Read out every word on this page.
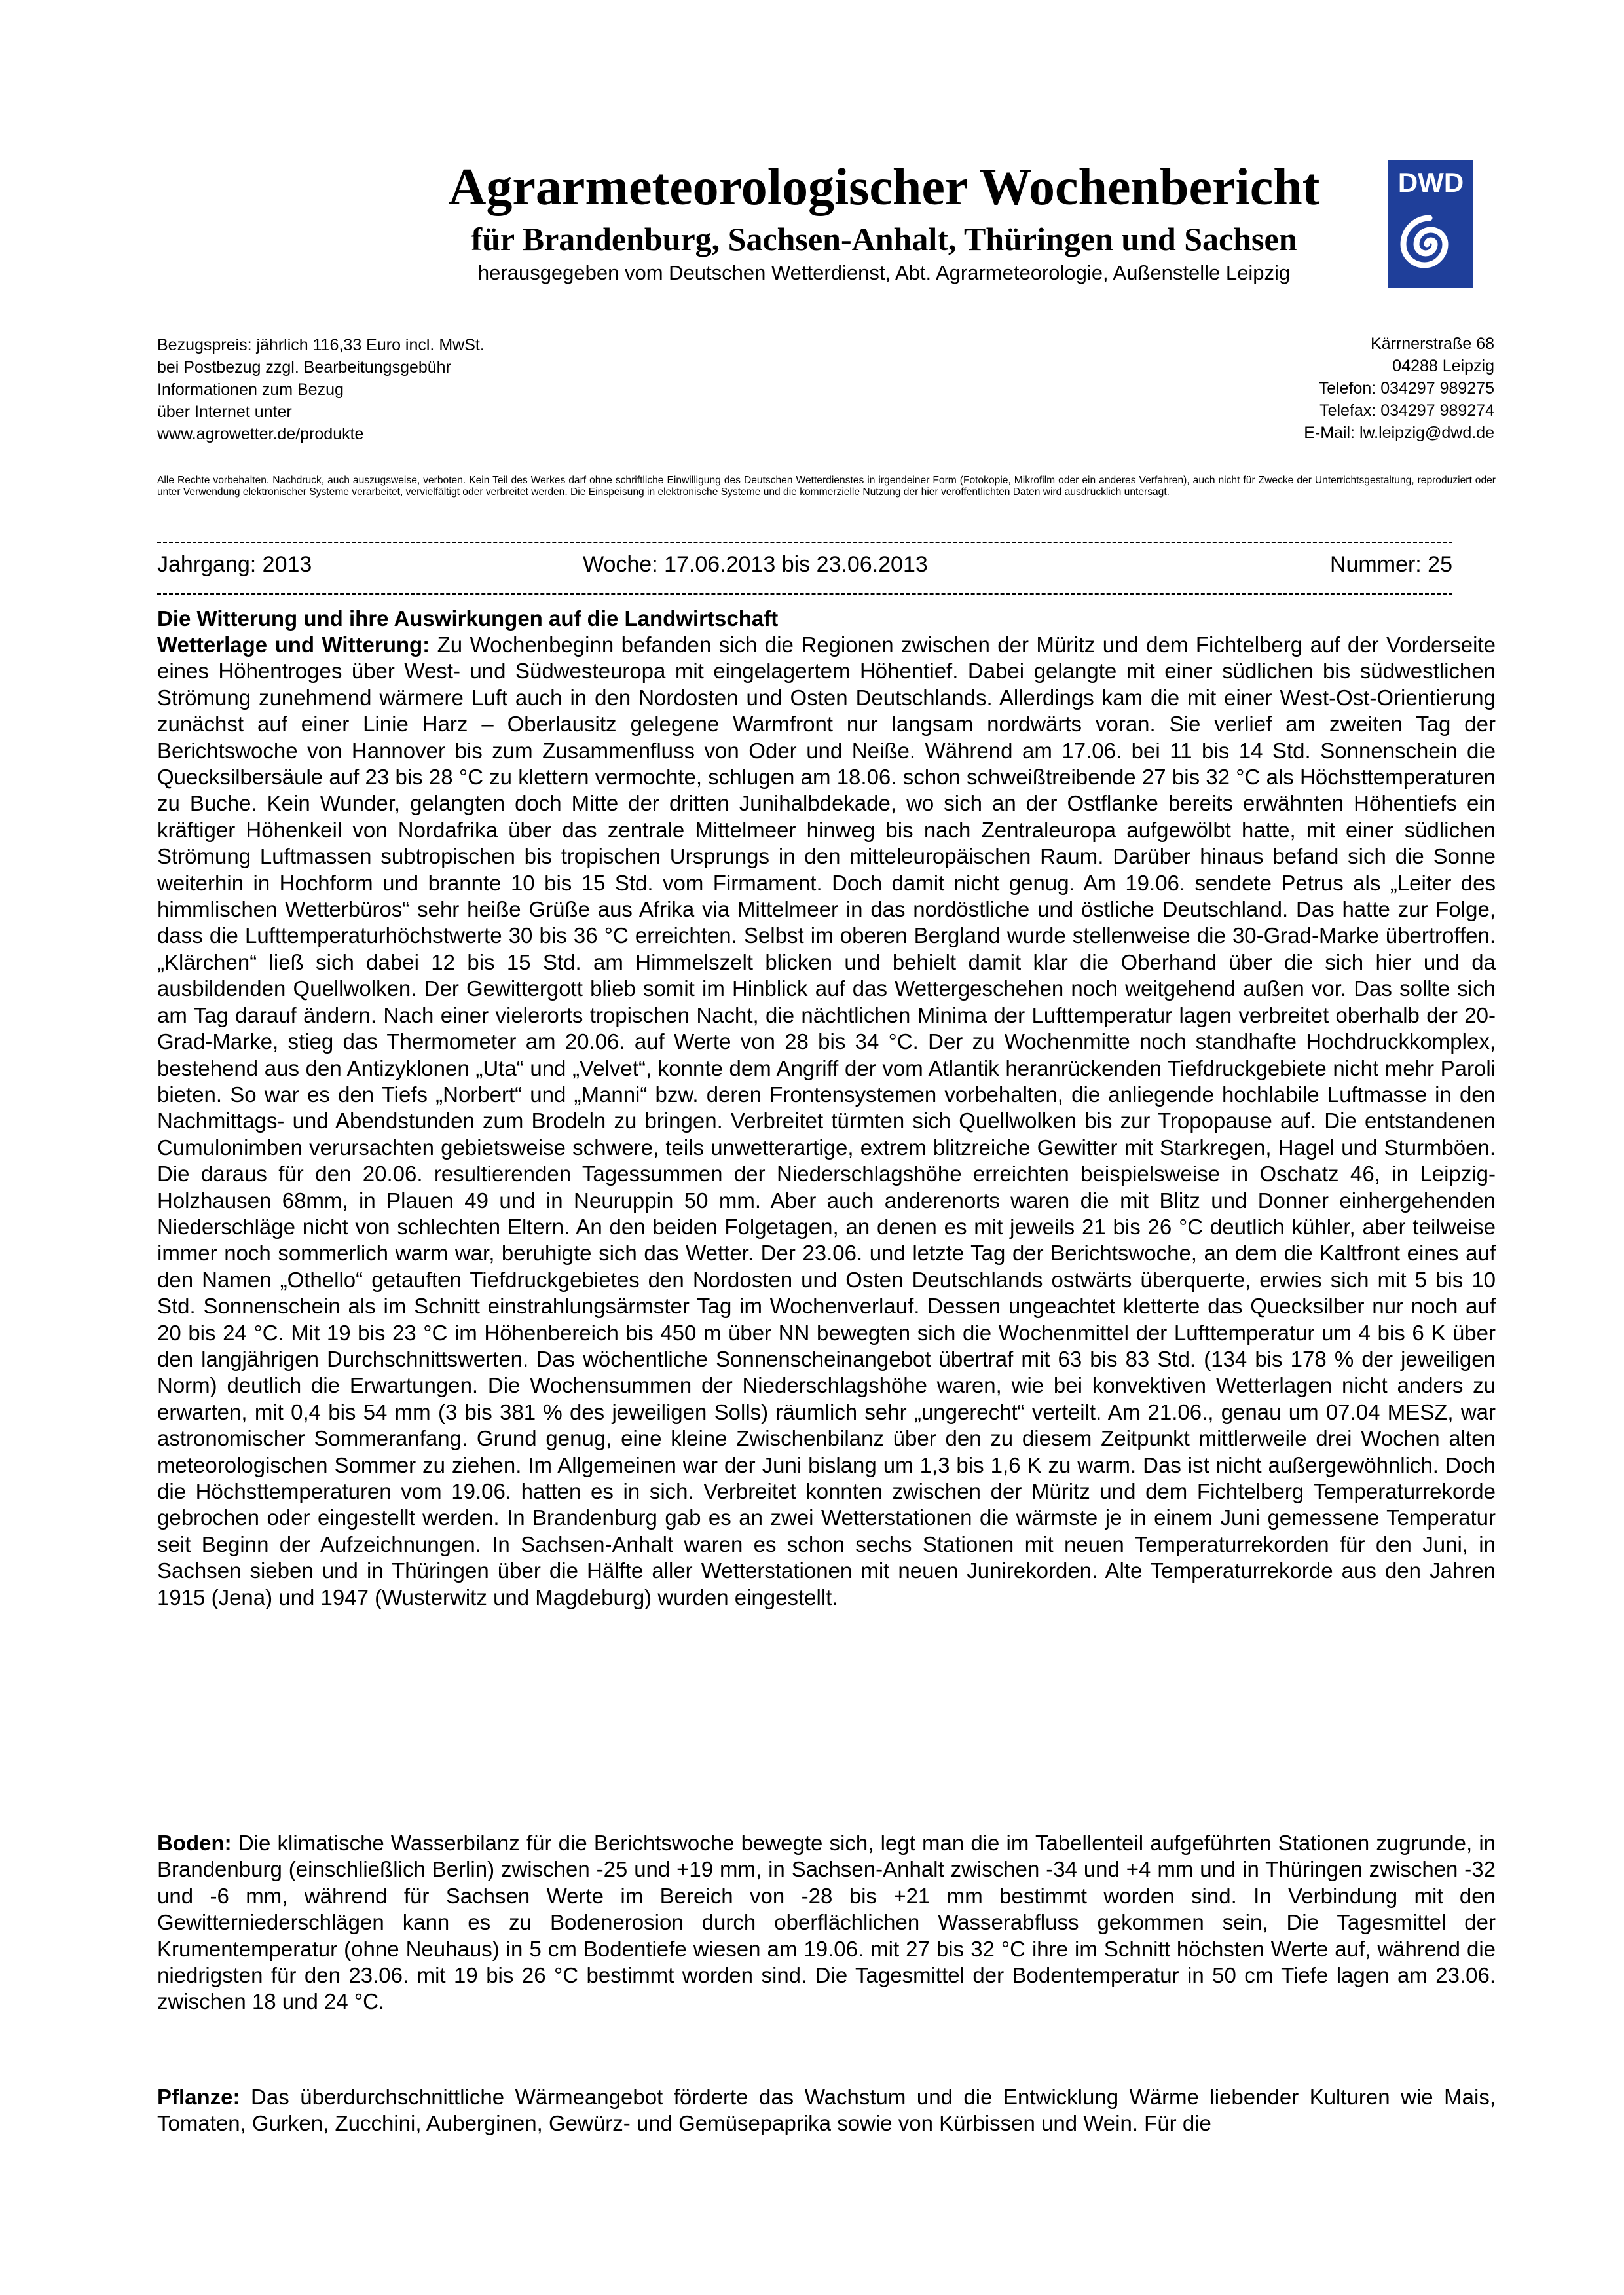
Agrarmeteorologischer Wochenbericht
für Brandenburg, Sachsen-Anhalt, Thüringen und Sachsen
herausgegeben vom Deutschen Wetterdienst, Abt. Agrarmeteorologie, Außenstelle Leipzig
DWD
Bezugspreis: jährlich 116,33 Euro incl. MwSt.
bei Postbezug zzgl. Bearbeitungsgebühr
Informationen zum Bezug
über Internet unter
www.agrowetter.de/produkte
Kärrnerstraße 68
04288 Leipzig
Telefon: 034297 989275
Telefax: 034297 989274
E-Mail: lw.leipzig@dwd.de
Alle Rechte vorbehalten. Nachdruck, auch auszugsweise, verboten. Kein Teil des Werkes darf ohne schriftliche Einwilligung des Deutschen Wetterdienstes in irgendeiner Form (Fotokopie, Mikrofilm oder ein anderes Verfahren), auch nicht für Zwecke der Unterrichtsgestaltung, reproduziert oder unter Verwendung elektronischer Systeme verarbeitet, vervielfältigt oder verbreitet werden. Die Einspeisung in elektronische Systeme und die kommerzielle Nutzung der hier veröffentlichten Daten wird ausdrücklich untersagt.
Jahrgang: 2013	Woche: 17.06.2013 bis 23.06.2013	Nummer: 25
Die Witterung und ihre Auswirkungen auf die Landwirtschaft
Wetterlage und Witterung: Zu Wochenbeginn befanden sich die Regionen zwischen der Müritz und dem Fichtelberg auf der Vorderseite eines Höhentroges über West- und Südwesteuropa mit eingelagertem Höhentief. Dabei gelangte mit einer südlichen bis südwestlichen Strömung zunehmend wärmere Luft auch in den Nordosten und Osten Deutschlands. Allerdings kam die mit einer West-Ost-Orientierung zunächst auf einer Linie Harz – Oberlausitz gelegene Warmfront nur langsam nordwärts voran. Sie verlief am zweiten Tag der Berichtswoche von Hannover bis zum Zusammenfluss von Oder und Neiße. Während am 17.06. bei 11 bis 14 Std. Sonnenschein die Quecksilbersäule auf 23 bis 28 °C zu klettern vermochte, schlugen am 18.06. schon schweißtreibende 27 bis 32 °C als Höchsttemperaturen zu Buche. Kein Wunder, gelangten doch Mitte der dritten Junihalbdekade, wo sich an der Ostflanke bereits erwähnten Höhentiefs ein kräftiger Höhenkeil von Nordafrika über das zentrale Mittelmeer hinweg bis nach Zentraleuropa aufgewölbt hatte, mit einer südlichen Strömung Luftmassen subtropischen bis tropischen Ursprungs in den mitteleuropäischen Raum. Darüber hinaus befand sich die Sonne weiterhin in Hochform und brannte 10 bis 15 Std. vom Firmament. Doch damit nicht genug. Am 19.06. sendete Petrus als „Leiter des himmlischen Wetterbüros“ sehr heiße Grüße aus Afrika via Mittelmeer in das nordöstliche und östliche Deutschland. Das hatte zur Folge, dass die Lufttemperaturhöchstwerte 30 bis 36 °C erreichten. Selbst im oberen Bergland wurde stellenweise die 30-Grad-Marke übertroffen. „Klärchen“ ließ sich dabei 12 bis 15 Std. am Himmelszelt blicken und behielt damit klar die Oberhand über die sich hier und da ausbildenden Quellwolken. Der Gewittergott blieb somit im Hinblick auf das Wettergeschehen noch weitgehend außen vor. Das sollte sich am Tag darauf ändern. Nach einer vielerorts tropischen Nacht, die nächtlichen Minima der Lufttemperatur lagen verbreitet oberhalb der 20-Grad-Marke, stieg das Thermometer am 20.06. auf Werte von 28 bis 34 °C. Der zu Wochenmitte noch standhafte Hochdruckkomplex, bestehend aus den Antizyklonen „Uta“ und „Velvet“, konnte dem Angriff der vom Atlantik heranrückenden Tiefdruckgebiete nicht mehr Paroli bieten. So war es den Tiefs „Norbert“ und „Manni“ bzw. deren Frontensystemen vorbehalten, die anliegende hochlabile Luftmasse in den Nachmittags- und Abendstunden zum Brodeln zu bringen. Verbreitet türmten sich Quellwolken bis zur Tropopause auf. Die entstandenen Cumulonimben verursachten gebietsweise schwere, teils unwetterartige, extrem blitzreiche Gewitter mit Starkregen, Hagel und Sturmböen. Die daraus für den 20.06. resultierenden Tagessummen der Niederschlagshöhe erreichten beispielsweise in Oschatz 46, in Leipzig-Holzhausen 68mm, in Plauen 49 und in Neuruppin 50 mm. Aber auch anderenorts waren die mit Blitz und Donner einhergehenden Niederschläge nicht von schlechten Eltern. An den beiden Folgetagen, an denen es mit jeweils 21 bis 26 °C deutlich kühler, aber teilweise immer noch sommerlich warm war, beruhigte sich das Wetter. Der 23.06. und letzte Tag der Berichtswoche, an dem die Kaltfront eines auf den Namen „Othello“ getauften Tiefdruckgebietes den Nordosten und Osten Deutschlands ostwärts überquerte, erwies sich mit 5 bis 10 Std. Sonnenschein als im Schnitt einstrahlungsärmster Tag im Wochenverlauf. Dessen ungeachtet kletterte das Quecksilber nur noch auf 20 bis 24 °C. Mit 19 bis 23 °C im Höhenbereich bis 450 m über NN bewegten sich die Wochenmittel der Lufttemperatur um 4 bis 6 K über den langjährigen Durchschnittswerten. Das wöchentliche Sonnenscheinangebot übertraf mit 63 bis 83 Std. (134 bis 178 % der jeweiligen Norm) deutlich die Erwartungen. Die Wochensummen der Niederschlagshöhe waren, wie bei konvektiven Wetterlagen nicht anders zu erwarten, mit 0,4 bis 54 mm (3 bis 381 % des jeweiligen Solls) räumlich sehr „ungerecht“ verteilt. Am 21.06., genau um 07.04 MESZ, war astronomischer Sommeranfang. Grund genug, eine kleine Zwischenbilanz über den zu diesem Zeitpunkt mittlerweile drei Wochen alten meteorologischen Sommer zu ziehen. Im Allgemeinen war der Juni bislang um 1,3 bis 1,6 K zu warm. Das ist nicht außergewöhnlich. Doch die Höchsttemperaturen vom 19.06. hatten es in sich. Verbreitet konnten zwischen der Müritz und dem Fichtelberg Temperaturrekorde gebrochen oder eingestellt werden. In Brandenburg gab es an zwei Wetterstationen die wärmste je in einem Juni gemessene Temperatur seit Beginn der Aufzeichnungen. In Sachsen-Anhalt waren es schon sechs Stationen mit neuen Temperaturrekorden für den Juni, in Sachsen sieben und in Thüringen über die Hälfte aller Wetterstationen mit neuen Junirekorden. Alte Temperaturrekorde aus den Jahren 1915 (Jena) und 1947 (Wusterwitz und Magdeburg) wurden eingestellt.
Boden: Die klimatische Wasserbilanz für die Berichtswoche bewegte sich, legt man die im Tabellenteil aufgeführten Stationen zugrunde, in Brandenburg (einschließlich Berlin) zwischen -25 und +19 mm, in Sachsen-Anhalt zwischen -34 und +4 mm und in Thüringen zwischen -32 und -6 mm, während für Sachsen Werte im Bereich von -28 bis +21 mm bestimmt worden sind. In Verbindung mit den Gewitterniederschlägen kann es zu Bodenerosion durch oberflächlichen Wasserabfluss gekommen sein, Die Tagesmittel der Krumentemperatur (ohne Neuhaus) in 5 cm Bodentiefe wiesen am 19.06. mit 27 bis 32 °C ihre im Schnitt höchsten Werte auf, während die niedrigsten für den 23.06. mit 19 bis 26 °C bestimmt worden sind. Die Tagesmittel der Bodentemperatur in 50 cm Tiefe lagen am 23.06. zwischen 18 und 24 °C.
Pflanze: Das überdurchschnittliche Wärmeangebot förderte das Wachstum und die Entwicklung Wärme liebender Kulturen wie Mais, Tomaten, Gurken, Zucchini, Auberginen, Gewürz- und Gemüsepaprika sowie von Kürbissen und Wein. Für die
